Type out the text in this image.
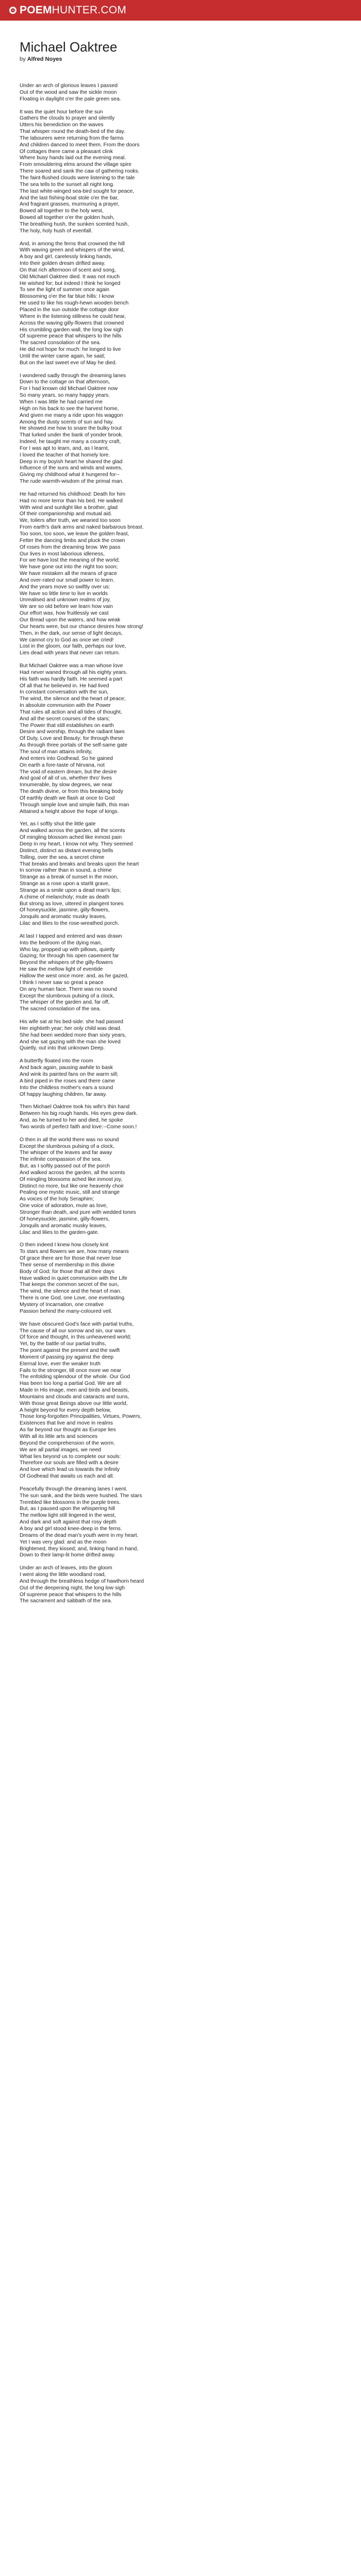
POEM HUNTER.COM
Michael Oaktree

by Alfred Noyes

Under an arch of glorious leaves I passed
Out of the wood and saw the sickle moon
Floating in daylight o'er the pale green sea.
It was the quiet hour before the sun
Gathers the clouds to prayer and silently
Utters his benediction on the waves
That whisper round the death-bed of the day.
The labourers were returning from the farms
And children danced to meet them. From the doors
Of cottages there came a pleasant clink
Where busy hands laid out the evening meal.
From smouldering elms around the village spire
There soared and sank the caw of gathering rooks.
The faint-flushed clouds were listening to the tale
The sea tells to the sunset all night long.
The last white-winged sea-bird sought for peace,
And the last fishing-boat stole o'er the bar,
And fragrant grasses, murmuring a prayer,
Bowed all together to the holy west,
Bowed all together o'er the golden hush,
The breathing hush, the sunken scented hush,
The holy, holy hush of evenfall.
And, in among the ferns that crowned the hill
With waving green and whispers of the wind,
A boy and girl, carelessly linking hands,
Into their golden dream drifted away.
On that rich afternoon of scent and song,
Old Michael Oaktree died. It was not much
He wished for; but indeed I think he longed
To see the light of summer once again
Blossoming o'er the far blue hills: I know
He used to like his rough-hewn wooden bench
Placed in the sun outside the cottage door
Where in the listening stillness he could hear,
Across the waving gilly-flowers that crowned
His crumbling garden wall, the long low sigh
Of supreme peace that whispers to the hills
The sacred consolation of the sea.
He did not hope for much: he longed to live
Until the winter came again, he said;
But on the last sweet eve of May he died.
I wondered sadly through the dreaming lanes
Down to the cottage on that afternoon,
For I had known old Michael Oaktree now
So many years, so many happy years.
When I was little he had carried me
High on his back to see the harvest home,
And given me many a ride upon his waggon
Among the dusty scents of sun and hay.
He showed me how to snare the bulky trout
That lurked under the bank of yonder brook.
Indeed, he taught me many a country craft,
For I was apt to learn, and, as I learnt,
I loved the teacher of that homely lore.
Deep in my boyish heart he shared the glad
Influence of the suns and winds and waves,
Giving my childhood what it hungered for--
The rude warmth-wisdom of the primal man.
He had returned his childhood: Death for him
Had no more terror than his bed. He walked
With wind and sunlight like a brother, glad
Of their companionship and mutual aid.
We, toilers after truth, we wearied too soon
From earth's dark arms and naked barbarous breast.
Too soon, too soon, we leave the golden feast,
Fetter the dancing limbs and pluck the crown
Of roses from the dreaming brow. We pass
Our lives in most laborious idleness,
For we have lost the meaning of the world;
We have gone out into the night too soon;
We have mistaken all the means of grace
And over-rated our small power to learn.
And the years move so swiftly over us:
We have so little time to live in worlds
Unrealised and unknown realms of joy,
We are so old before we learn how vain
Our effort was, how fruitlessly we cast
Our Bread upon the waters, and how weak
Our hearts were, but our chance desires how strong!
Then, in the dark, our sense of light decays,
We cannot cry to God as once we cried!
Lost in the gloom, our faith, perhaps our love,
Lies dead with years that never can return.
But Michael Oaktree was a man whose love
Had never waned through all his eighty years.
His faith was hardly faith. He seemed a part
Of all that he believed in. He had lived
In constant conversation with the sun,
The wind, the silence and the heart of peace;
In absolute communion with the Power
That rules all action and all tides of thought,
And all the secret courses of the stars;
The Power that still establishes on earth
Desire and worship, through the radiant laws
Of Duty, Love and Beauty; for through these
As through three portals of the self-same gate
The soul of man attains infinity,
And enters into Godhead. So he gained
On earth a fore-taste of Nirvana, not
The void of eastern dream, but the desire
And goal of all of us, whether thro' lives
Innumerable, by slow degrees, we near
The death divine, or from this breaking body
Of earthly death we flash at once to God
Through simple love and simple faith, this man
Attained a height above the hope of kings.
Yet, as I softly shut the little gate
And walked across the garden, all the scents
Of mingling blossom ached like inmost pain
Deep in my heart, I know not why. They seemed
Distinct, distinct as distant evening bells
Tolling, over the sea, a secret chime
That breaks and breaks and breaks upon the heart
In sorrow rather than in sound, a chime
Strange as a break of sunset in the moon,
Strange as a rose upon a starlit grave,
Strange as a smile upon a dead man's lips;
A chime of melancholy; mute as death
But strong as love, uttered in plangent tones
Of honeysuckle, jasmine, gilly-flowers,
Jonquils and aromatic musky leaves,
Lilac and lilies to the rose-wreathed porch.
At last I tapped and entered and was drawn
Into the bedroom of the dying man,
Who lay, propped up with pillows, quietly
Gazing; for through his open casement far
Beyond the whispers of the gilly-flowers
He saw the mellow light of eventide
Hallow the west once more: and, as he gazed,
I think I never saw so great a peace
On any human face. There was no sound
Except the slumbrous pulsing of a clock,
The whisper of the garden and, far off,
The sacred consolation of the sea.
His wife sat at his bed-side: she had passed
Her eightieth year; her only child was dead.
She had been wedded more than sixty years,
And she sat gazing with the man she loved
Quietly, out into that unknown Deep.
A butterfly floated into the room
And back again, pausing awhile to bask
And wink its painted fans on the warm sill;
A bird piped in the roses and there came
Into the childless mother's ears a sound
Of happy laughing children, far away.
Then Michael Oaktree took his wife's thin hand
Between his big rough hands. His eyes grew dark.
And, as he turned to her and died, he spoke
Two words of perfect faith and love:--Come soon.!
O then in all the world there was no sound
Except the slumbrous pulsing of a clock,
The whisper of the leaves and far away
The infinite compassion of the sea.
But, as I softly passed out of the porch
And walked across the garden, all the scents
Of mingling blossoms ached like inmost joy,
Distinct no more, but like one heavenly choir
Pealing one mystic music, still and strange
As voices of the holy Seraphim;
One voice of adoration, mute as love,
Stronger than death, and pure with wedded tones
Of honeysuckle, jasmine, gilly-flowers,
Jonquils and aromatic musky leaves,
Lilac and lilies to the garden-gate.
O then indeed I knew how closely knit
To stars and flowers we are, how many means
Of grace there are for those that never lose
Their sense of membership in this divine
Body of God; for those that all their days
Have walked in quiet communion with the Life
That keeps the common secret of the sun,
The wind, the silence and the heart of man.
There is one God, one Love, one everlasting
Mystery of Incarnation, one creative
Passion behind the many-coloured veil.
We have obscured God's face with partial truths,
The cause of all our sorrow and sin, our wars
Of force and thought, in this unheavened world;
Yet, by the battle of our partial truths,
The point against the present and the swift
Moment of passing joy against the deep
Eternal love, ever the weaker truth
Fails to the stronger, till once more we near
The enfolding splendour of the whole. Our God
Has been too long a partial God. We are all
Made in His image, men and birds and beasts,
Mountains and clouds and cataracts and suns,
With those great Beings above our little world,
A height beyond for every depth below,
Those long-forgotten Principalities, Virtues, Powers,
Existences that live and move in realms
As far beyond our thought as Europe lies
With all its little arts and sciences
Beyond the comprehension of the worm.
We are all partial images, we need
What lies beyond us to complete our souls:
Therefore our souls are filled with a desire
And love which lead us towards the Infinity
Of Godhead that awaits us each and all.
Peacefully through the dreaming lanes I went.
The sun sank, and the birds were hushed. The stars
Trembled like blossoms in the purple trees.
But, as I paused upon the whispering hill
The mellow light still lingered in the west,
And dark and soft against that rosy depth
A boy and girl stood knee-deep in the ferns.
Dreams of the dead man's youth were in my heart.
Yet I was very glad: and as the moon
Brightened, they kissed; and, linking hand in hand,
Down to their lamp-lit home drifted away.
Under an arch of leaves, into the gloom
I went along the little woodland road,
And through the breathless hedge of hawthorn heard
Out of the deepening night, the long low sigh
Of supreme peace that whispers to the hills
The sacrament and sabbath of the sea.
